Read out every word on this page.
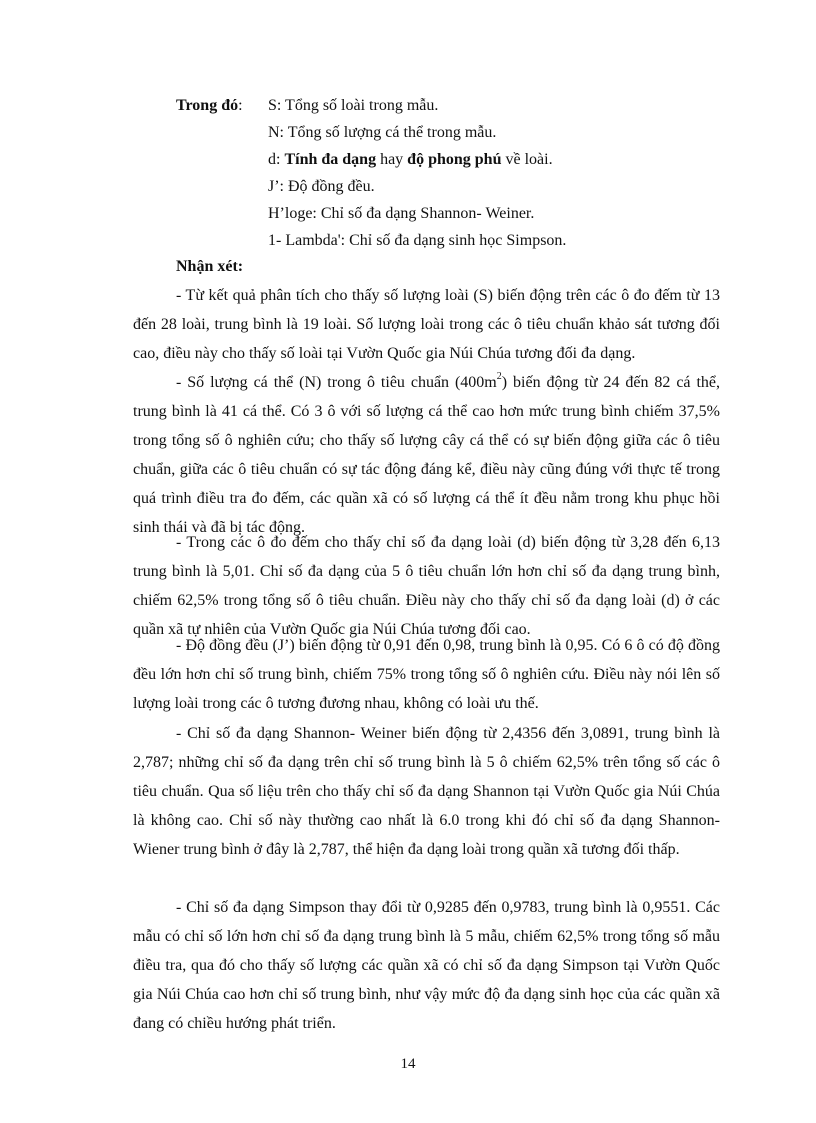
Trong đó: S: Tổng số loài trong mẫu.
N: Tổng số lượng cá thể trong mẫu.
d: Tính đa dạng hay độ phong phú về loài.
J’: Độ đồng đều.
H’loge: Chỉ số đa dạng Shannon- Weiner.
1- Lambda': Chỉ số đa dạng sinh học Simpson.
Nhận xét:

- Từ kết quả phân tích cho thấy số lượng loài (S) biến động trên các ô đo đếm từ 13 đến 28 loài, trung bình là 19 loài. Số lượng loài trong các ô tiêu chuẩn khảo sát tương đối cao, điều này cho thấy số loài tại Vườn Quốc gia Núi Chúa tương đối đa dạng.

- Số lượng cá thể (N) trong ô tiêu chuẩn $(400m^2)$ biến động từ 24 đến 82 cá thể, trung bình là 41 cá thể. Có 3 ô với số lượng cá thể cao hơn mức trung bình chiếm 37,5% trong tổng số ô nghiên cứu; cho thấy số lượng cây cá thể có sự biến động giữa các ô tiêu chuẩn, giữa các ô tiêu chuẩn có sự tác động đáng kể, điều này cũng đúng với thực tế trong quá trình điều tra đo đếm, các quần xã có số lượng cá thể ít đều nằm trong khu phục hồi sinh thái và đã bị tác động.

- Trong các ô đo đếm cho thấy chỉ số đa dạng loài (d) biến động từ 3,28 đến 6,13 trung bình là 5,01. Chỉ số đa dạng của 5 ô tiêu chuẩn lớn hơn chỉ số đa dạng trung bình, chiếm 62,5% trong tổng số ô tiêu chuẩn. Điều này cho thấy chỉ số đa dạng loài (d) ở các quần xã tự nhiên của Vườn Quốc gia Núi Chúa tương đối cao.

- Độ đồng đều (J’) biến động từ 0,91 đến 0,98, trung bình là 0,95. Có 6 ô có độ đồng đều lớn hơn chỉ số trung bình, chiếm 75% trong tổng số ô nghiên cứu. Điều này nói lên số lượng loài trong các ô tương đương nhau, không có loài ưu thế.

- Chỉ số đa dạng Shannon- Weiner biến động từ 2,4356 đến 3,0891, trung bình là 2,787; những chỉ số đa dạng trên chỉ số trung bình là 5 ô chiếm 62,5% trên tổng số các ô tiêu chuẩn. Qua số liệu trên cho thấy chỉ số đa dạng Shannon tại Vườn Quốc gia Núi Chúa là không cao. Chỉ số này thường cao nhất là 6.0 trong khi đó chỉ số đa dạng Shannon- Wiener trung bình ở đây là 2,787, thể hiện đa dạng loài trong quần xã tương đối thấp.

- Chỉ số đa dạng Simpson thay đổi từ 0,9285 đến 0,9783, trung bình là 0,9551. Các mẫu có chỉ số lớn hơn chỉ số đa dạng trung bình là 5 mẫu, chiếm 62,5% trong tổng số mẫu điều tra, qua đó cho thấy số lượng các quần xã có chỉ số đa dạng Simpson tại Vườn Quốc gia Núi Chúa cao hơn chỉ số trung bình, như vậy mức độ đa dạng sinh học của các quần xã đang có chiều hướng phát triển.

14
